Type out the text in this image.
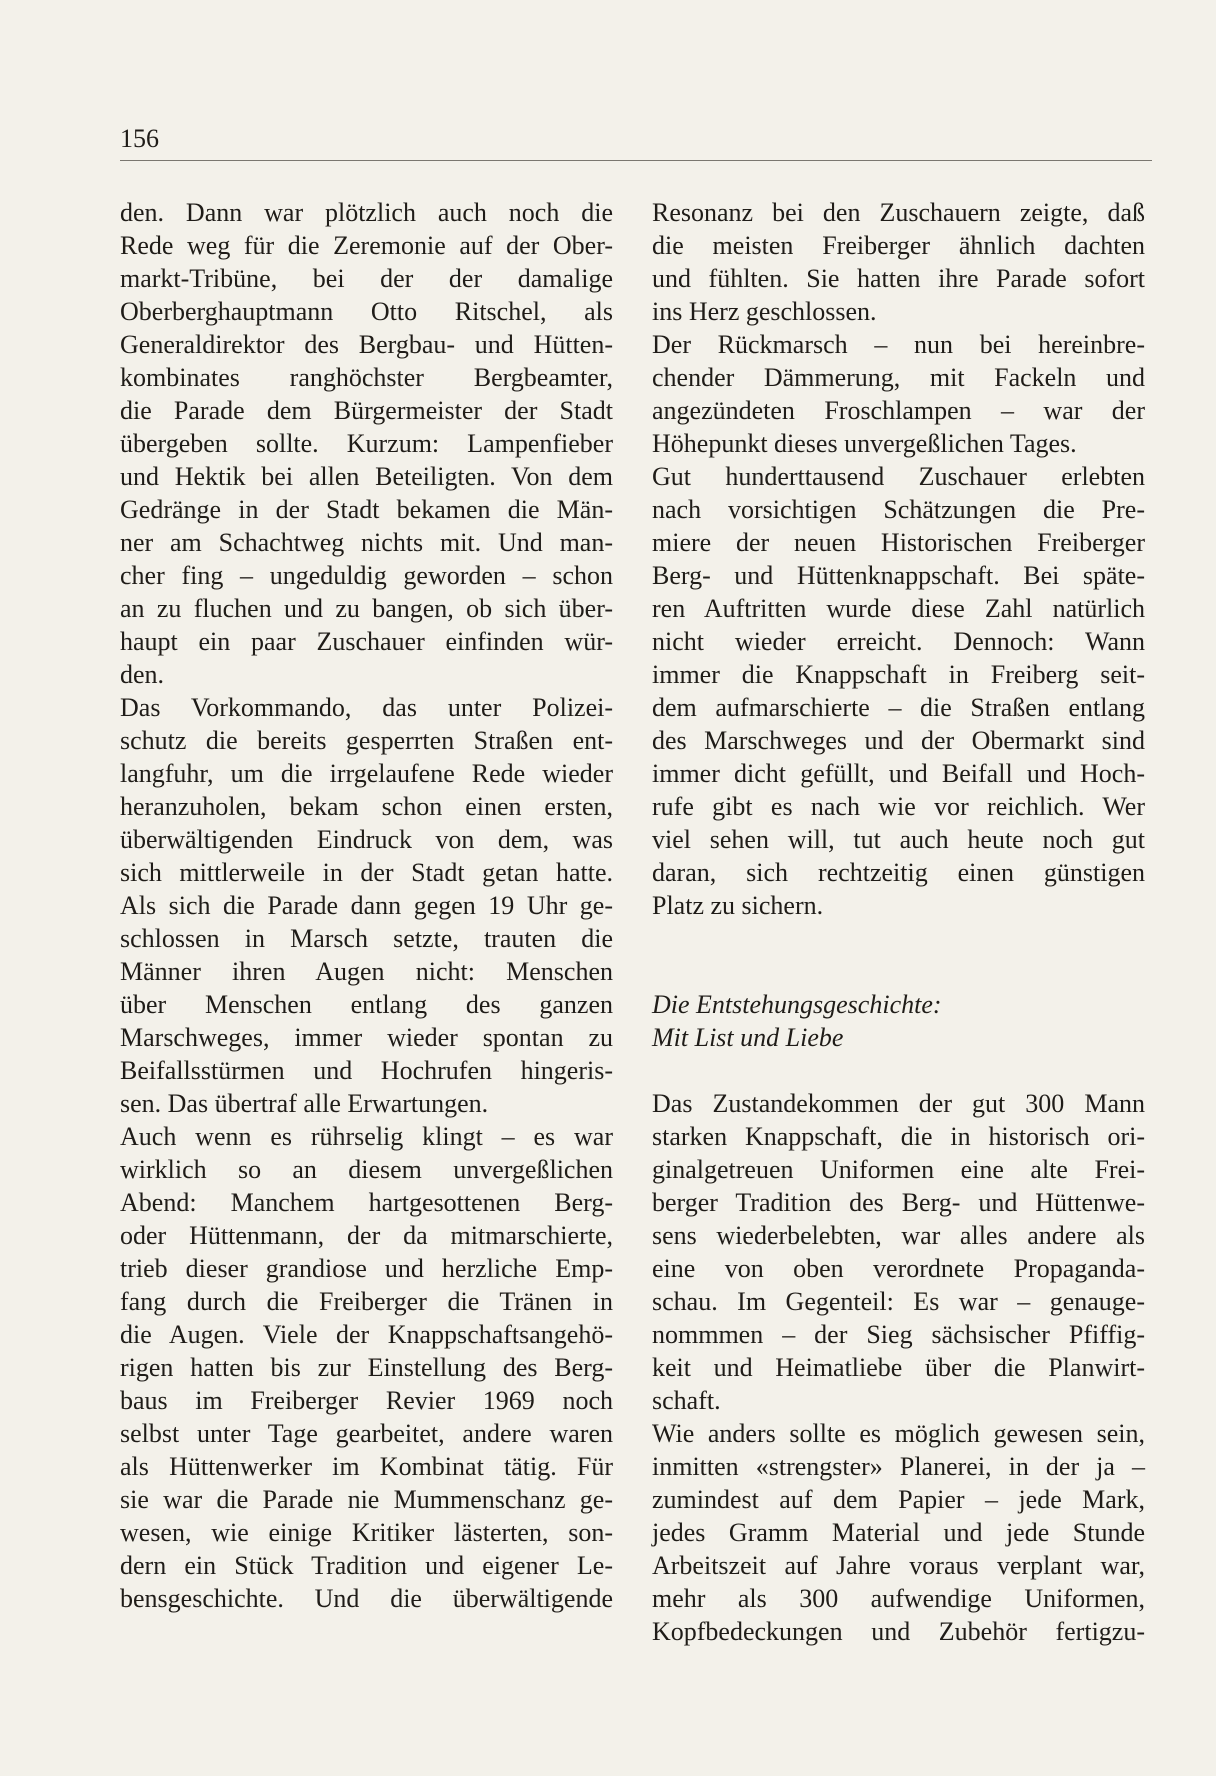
156
den. Dann war plötzlich auch noch die
Rede weg für die Zeremonie auf der Ober-
markt-Tribüne, bei der der damalige
Oberberghauptmann Otto Ritschel, als
Generaldirektor des Bergbau- und Hütten-
kombinates ranghöchster Bergbeamter,
die Parade dem Bürgermeister der Stadt
übergeben sollte. Kurzum: Lampenfieber
und Hektik bei allen Beteiligten. Von dem
Gedränge in der Stadt bekamen die Män-
ner am Schachtweg nichts mit. Und man-
cher fing – ungeduldig geworden – schon
an zu fluchen und zu bangen, ob sich über-
haupt ein paar Zuschauer einfinden wür-
den.
Das Vorkommando, das unter Polizei-
schutz die bereits gesperrten Straßen ent-
langfuhr, um die irrgelaufene Rede wieder
heranzuholen, bekam schon einen ersten,
überwältigenden Eindruck von dem, was
sich mittlerweile in der Stadt getan hatte.
Als sich die Parade dann gegen 19 Uhr ge-
schlossen in Marsch setzte, trauten die
Männer ihren Augen nicht: Menschen
über Menschen entlang des ganzen
Marschweges, immer wieder spontan zu
Beifallsstürmen und Hochrufen hingeris-
sen. Das übertraf alle Erwartungen.
Auch wenn es rührselig klingt – es war
wirklich so an diesem unvergeßlichen
Abend: Manchem hartgesottenen Berg-
oder Hüttenmann, der da mitmarschierte,
trieb dieser grandiose und herzliche Emp-
fang durch die Freiberger die Tränen in
die Augen. Viele der Knappschaftsangehö-
rigen hatten bis zur Einstellung des Berg-
baus im Freiberger Revier 1969 noch
selbst unter Tage gearbeitet, andere waren
als Hüttenwerker im Kombinat tätig. Für
sie war die Parade nie Mummenschanz ge-
wesen, wie einige Kritiker lästerten, son-
dern ein Stück Tradition und eigener Le-
bensgeschichte. Und die überwältigende
Resonanz bei den Zuschauern zeigte, daß
die meisten Freiberger ähnlich dachten
und fühlten. Sie hatten ihre Parade sofort
ins Herz geschlossen.
Der Rückmarsch – nun bei hereinbre-
chender Dämmerung, mit Fackeln und
angezündeten Froschlampen – war der
Höhepunkt dieses unvergeßlichen Tages.
Gut hunderttausend Zuschauer erlebten
nach vorsichtigen Schätzungen die Pre-
miere der neuen Historischen Freiberger
Berg- und Hüttenknappschaft. Bei späte-
ren Auftritten wurde diese Zahl natürlich
nicht wieder erreicht. Dennoch: Wann
immer die Knappschaft in Freiberg seit-
dem aufmarschierte – die Straßen entlang
des Marschweges und der Obermarkt sind
immer dicht gefüllt, und Beifall und Hoch-
rufe gibt es nach wie vor reichlich. Wer
viel sehen will, tut auch heute noch gut
daran, sich rechtzeitig einen günstigen
Platz zu sichern.
Die Entstehungsgeschichte:
Mit List und Liebe
Das Zustandekommen der gut 300 Mann
starken Knappschaft, die in historisch ori-
ginalgetreuen Uniformen eine alte Frei-
berger Tradition des Berg- und Hüttenwe-
sens wiederbelebten, war alles andere als
eine von oben verordnete Propaganda-
schau. Im Gegenteil: Es war – genauge-
nommmen – der Sieg sächsischer Pfiffig-
keit und Heimatliebe über die Planwirt-
schaft.
Wie anders sollte es möglich gewesen sein,
inmitten «strengster» Planerei, in der ja –
zumindest auf dem Papier – jede Mark,
jedes Gramm Material und jede Stunde
Arbeitszeit auf Jahre voraus verplant war,
mehr als 300 aufwendige Uniformen,
Kopfbedeckungen und Zubehör fertigzu-
